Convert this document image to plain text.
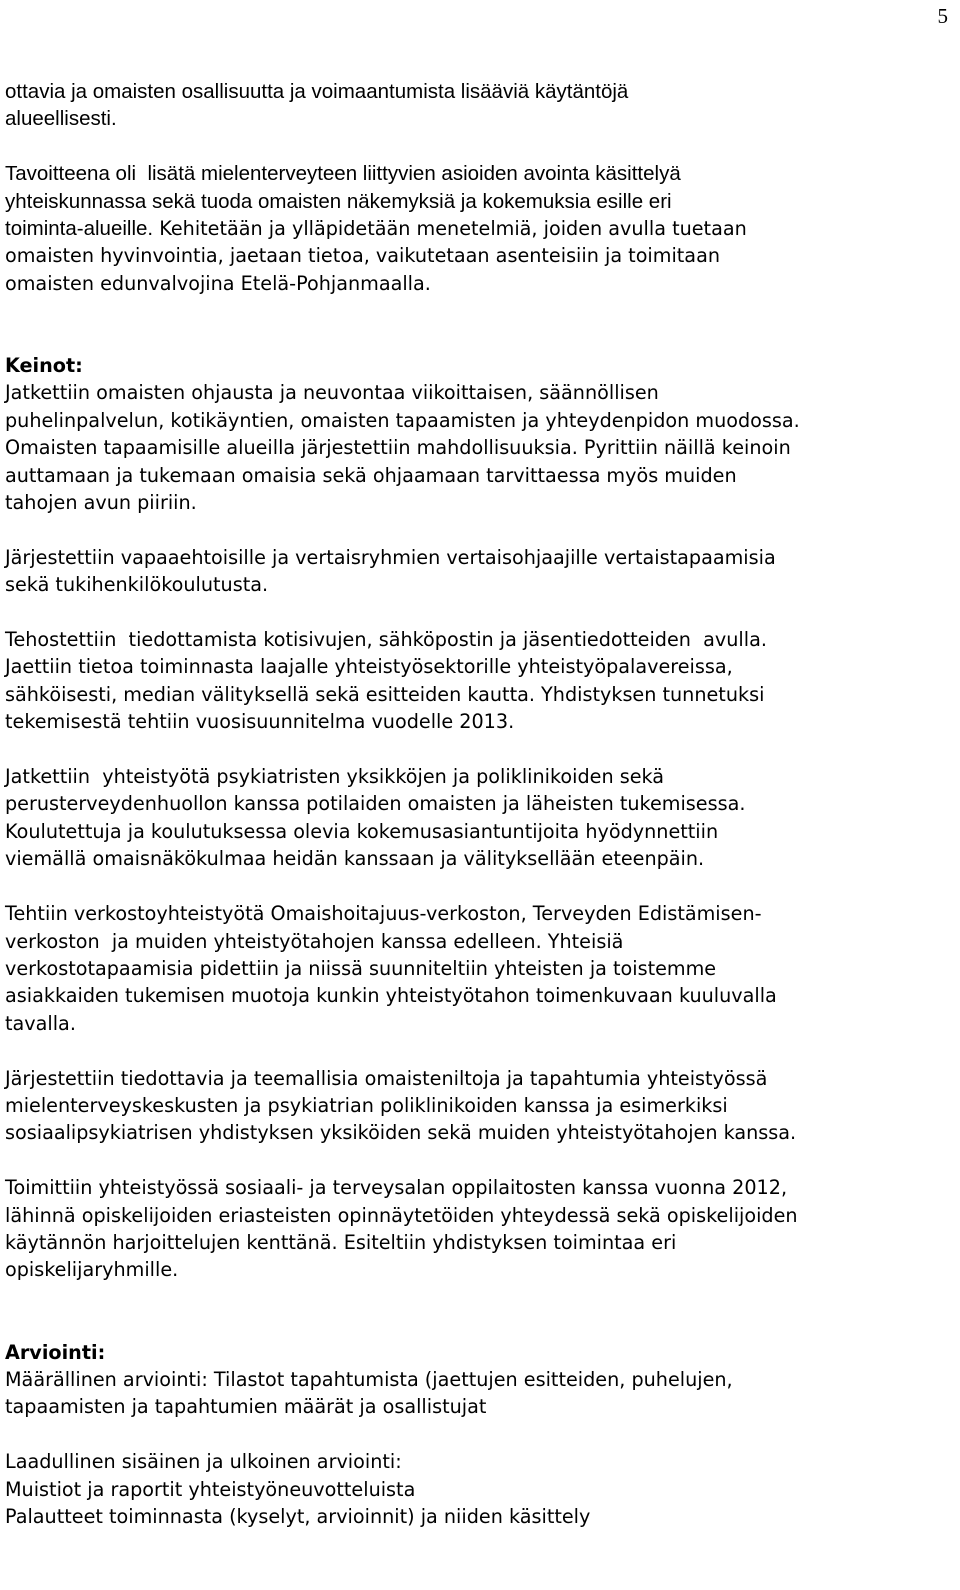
5
ottavia ja omaisten osallisuutta ja voimaantumista lisääviä käytäntöjä
alueellisesti.
Tavoitteena oli  lisätä mielenterveyteen liittyvien asioiden avointa käsittelyä
yhteiskunnassa sekä tuoda omaisten näkemyksiä ja kokemuksia esille eri
toiminta-alueille. Kehitetään ja ylläpidetään menetelmiä, joiden avulla tuetaan
omaisten hyvinvointia, jaetaan tietoa, vaikutetaan asenteisiin ja toimitaan
omaisten edunvalvojina Etelä-Pohjanmaalla.
Keinot:
Jatkettiin omaisten ohjausta ja neuvontaa viikoittaisen, säännöllisen
puhelinpalvelun, kotikäyntien, omaisten tapaamisten ja yhteydenpidon muodossa.
Omaisten tapaamisille alueilla järjestettiin mahdollisuuksia. Pyrittiin näillä keinoin
auttamaan ja tukemaan omaisia sekä ohjaamaan tarvittaessa myös muiden
tahojen avun piiriin.
Järjestettiin vapaaehtoisille ja vertaisryhmien vertaisohjaajille vertaistapaamisia
sekä tukihenkilökoulutusta.
Tehostettiin  tiedottamista kotisivujen, sähköpostin ja jäsentiedotteiden  avulla.
Jaettiin tietoa toiminnasta laajalle yhteistyösektorille yhteistyöpalavereissa,
sähköisesti, median välityksellä sekä esitteiden kautta. Yhdistyksen tunnetuksi
tekemisestä tehtiin vuosisuunnitelma vuodelle 2013.
Jatkettiin  yhteistyötä psykiatristen yksikköjen ja poliklinikoiden sekä
perusterveydenhuollon kanssa potilaiden omaisten ja läheisten tukemisessa.
Koulutettuja ja koulutuksessa olevia kokemusasiantuntijoita hyödynnettiin
viemällä omaisnäkökulmaa heidän kanssaan ja välityksellään eteenpäin.
Tehtiin verkostoyhteistyötä Omaishoitajuus-verkoston, Terveyden Edistämisen-
verkoston  ja muiden yhteistyötahojen kanssa edelleen. Yhteisiä
verkostotapaamisia pidettiin ja niissä suunniteltiin yhteisten ja toistemme
asiakkaiden tukemisen muotoja kunkin yhteistyötahon toimenkuvaan kuuluvalla
tavalla.
Järjestettiin tiedottavia ja teemallisia omaisteniltoja ja tapahtumia yhteistyössä
mielenterveyskeskusten ja psykiatrian poliklinikoiden kanssa ja esimerkiksi
sosiaalipsykiatrisen yhdistyksen yksiköiden sekä muiden yhteistyötahojen kanssa.
Toimittiin yhteistyössä sosiaali- ja terveysalan oppilaitosten kanssa vuonna 2012,
lähinnä opiskelijoiden eriasteisten opinnäytetöiden yhteydessä sekä opiskelijoiden
käytännön harjoittelujen kenttänä. Esiteltiin yhdistyksen toimintaa eri
opiskelijaryhmille.
Arviointi:
Määrällinen arviointi: Tilastot tapahtumista (jaettujen esitteiden, puhelujen,
tapaamisten ja tapahtumien määrät ja osallistujat
Laadullinen sisäinen ja ulkoinen arviointi:
Muistiot ja raportit yhteistyöneuvotteluista
Palautteet toiminnasta (kyselyt, arvioinnit) ja niiden käsittely
